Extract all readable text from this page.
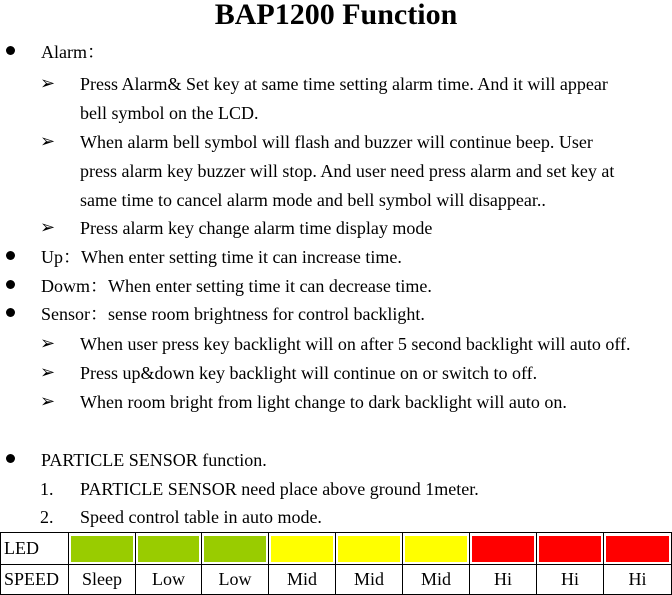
BAP1200 Function
Alarm：
➢ Press Alarm& Set key at same time setting alarm time. And it will appear
bell symbol on the LCD.
➢ When alarm bell symbol will flash and buzzer will continue beep. User
press alarm key buzzer will stop. And user need press alarm and set key at
same time to cancel alarm mode and bell symbol will disappear..
➢ Press alarm key change alarm time display mode
Up：When enter setting time it can increase time.
Dowm：When enter setting time it can decrease time.
Sensor：sense room brightness for control backlight.
➢ When user press key backlight will on after 5 second backlight will auto off.
➢ Press up&down key backlight will continue on or switch to off.
➢ When room bright from light change to dark backlight will auto on.
PARTICLE SENSOR function.
1. PARTICLE SENSOR need place above ground 1meter.
2. Speed control table in auto mode.
LED	

SPEED	Sleep	Low	Low	Mid	Mid	Mid	Hi	Hi	Hi
